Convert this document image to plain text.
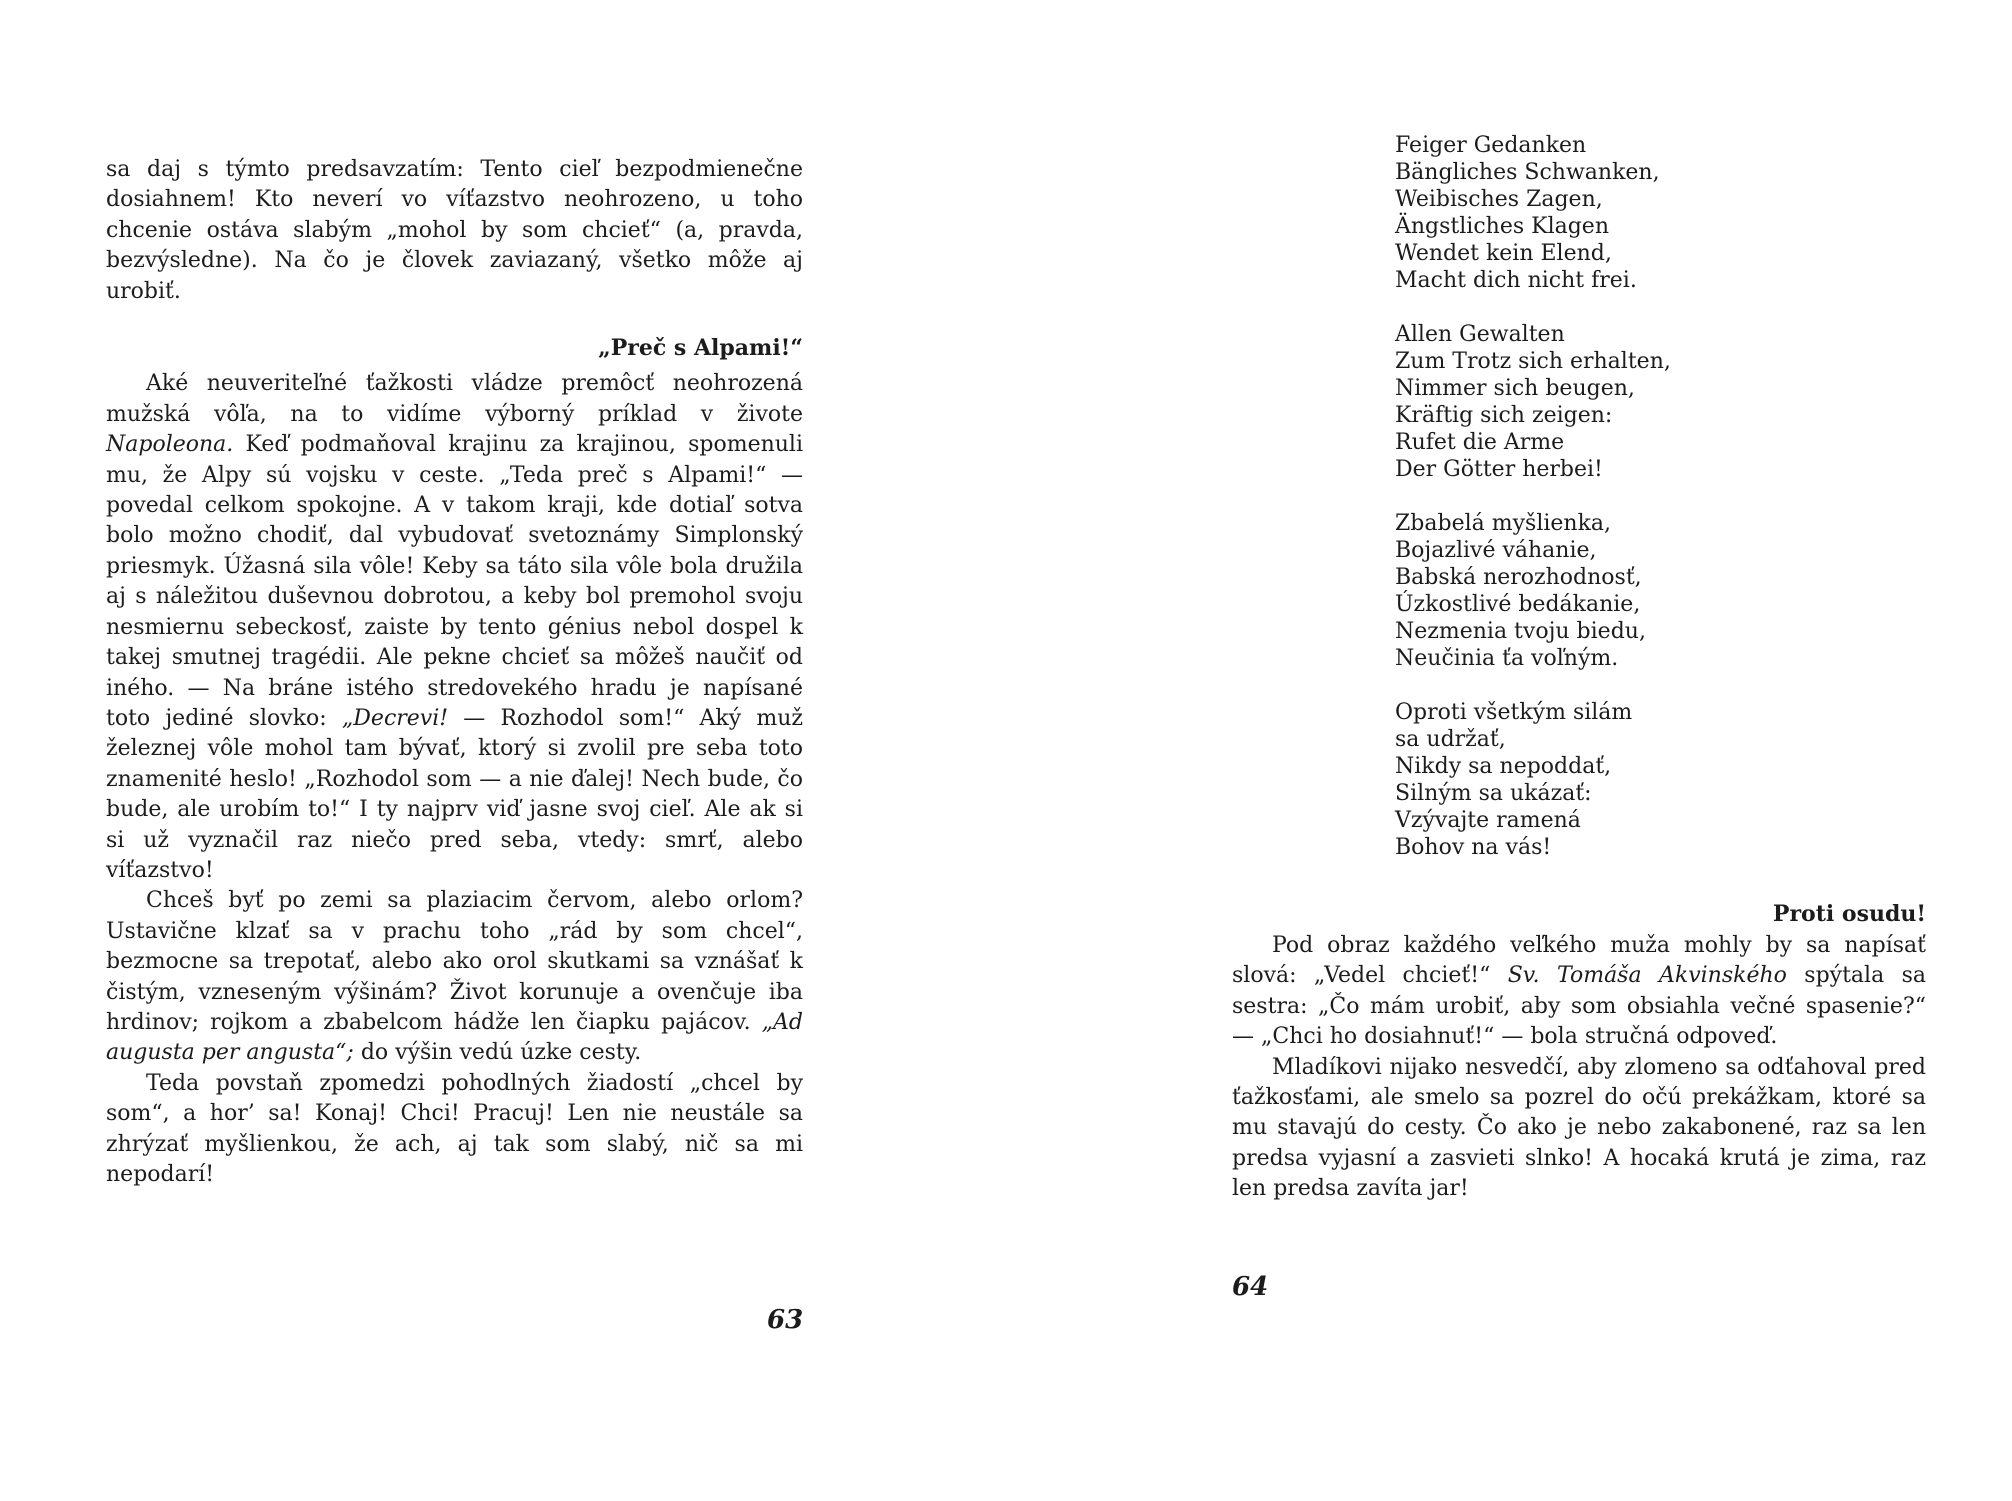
sa daj s týmto predsavzatím: Tento cieľ bezpodmienečne dosiahnem! Kto neverí vo víťazstvo neohrozeno, u toho chcenie ostáva slabým „mohol by som chcieť“ (a, pravda, bezvýsledne). Na čo je človek zaviazaný, všetko môže aj urobiť.

„Preč s Alpami!“

Aké neuveriteľné ťažkosti vládze premôcť neohrozená mužská vôľa, na to vidíme výborný príklad v živote Napoleona. Keď podmaňoval krajinu za krajinou, spomenuli mu, že Alpy sú vojsku v ceste. „Teda preč s Alpami!“ — povedal celkom spokojne. A v takom kraji, kde dotiaľ sotva bolo možno chodiť, dal vybudovať svetoznámy Simplonský priesmyk. Úžasná sila vôle! Keby sa táto sila vôle bola družila aj s náležitou duševnou dobrotou, a keby bol premohol svoju nesmiernu sebeckosť, zaiste by tento génius nebol dospel k takej smutnej tragédii. Ale pekne chcieť sa môžeš naučiť od iného. — Na bráne istého stredovekého hradu je napísané toto jediné slovko: „Decrevi! — Rozhodol som!“ Aký muž železnej vôle mohol tam bývať, ktorý si zvolil pre seba toto znamenité heslo! „Rozhodol som — a nie ďalej! Nech bude, čo bude, ale urobím to!“ I ty najprv viď jasne svoj cieľ. Ale ak si si už vyznačil raz niečo pred seba, vtedy: smrť, alebo víťazstvo!

Chceš byť po zemi sa plaziacim červom, alebo orlom? Ustavične klzať sa v prachu toho „rád by som chcel“, bezmocne sa trepotať, alebo ako orol skutkami sa vznášať k čistým, vzneseným výšinám? Život korunuje a ovenčuje iba hrdinov; rojkom a zbabelcom hádže len čiapku pajácov. „Ad augusta per angusta“; do výšin vedú úzke cesty.

Teda povstaň zpomedzi pohodlných žiadostí „chcel by som“, a hor’ sa! Konaj! Chci! Pracuj! Len nie neustále sa zhrýzať myšlienkou, že ach, aj tak som slabý, nič sa mi nepodarí!

63
Feiger Gedanken
Bängliches Schwanken,
Weibisches Zagen,
Ängstliches Klagen
Wendet kein Elend,
Macht dich nicht frei.
Allen Gewalten
Zum Trotz sich erhalten,
Nimmer sich beugen,
Kräftig sich zeigen:
Rufet die Arme
Der Götter herbei!
Zbabelá myšlienka,
Bojazlivé váhanie,
Babská nerozhodnosť,
Úzkostlivé bedákanie,
Nezmenia tvoju biedu,
Neučinia ťa voľným.
Oproti všetkým silám
sa udržať,
Nikdy sa nepoddať,
Silným sa ukázať:
Vzývajte ramená
Bohov na vás!

Proti osudu!

Pod obraz každého veľkého muža mohly by sa napísať slová: „Vedel chcieť!“ Sv. Tomáša Akvinského spýtala sa sestra: „Čo mám urobiť, aby som obsiahla večné spasenie?“ — „Chci ho dosiahnuť!“ — bola stručná odpoveď.

Mladíkovi nijako nesvedčí, aby zlomeno sa odťahoval pred ťažkosťami, ale smelo sa pozrel do očú prekážkam, ktoré sa mu stavajú do cesty. Čo ako je nebo zakabonené, raz sa len predsa vyjasní a zasvieti slnko! A hocaká krutá je zima, raz len predsa zavíta jar!

64
